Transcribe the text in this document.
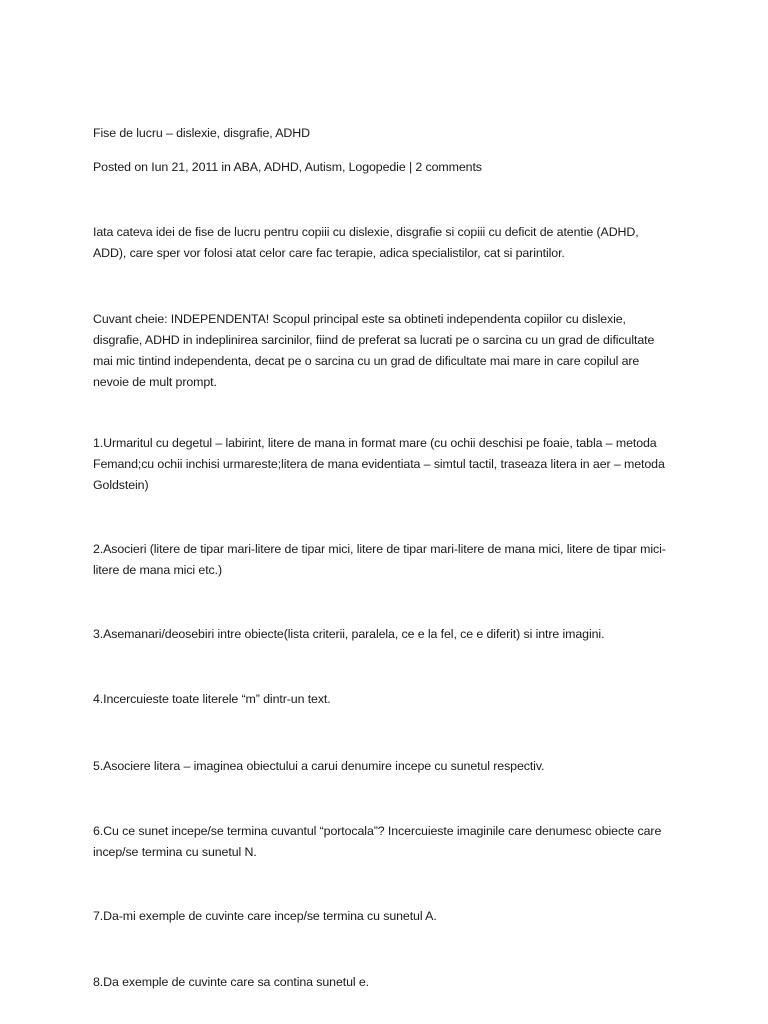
Fise de lucru – dislexie, disgrafie, ADHD

Posted on Iun 21, 2011 in ABA, ADHD, Autism, Logopedie | 2 comments

Iata cateva idei de fise de lucru pentru copiii cu dislexie, disgrafie si copiii cu deficit de atentie (ADHD, ADD), care sper vor folosi atat celor care fac terapie, adica specialistilor, cat si parintilor.

Cuvant cheie: INDEPENDENTA! Scopul principal este sa obtineti independenta copiilor cu dislexie, disgrafie, ADHD in indeplinirea sarcinilor, fiind de preferat sa lucrati pe o sarcina cu un grad de dificultate mai mic tintind independenta, decat pe o sarcina cu un grad de dificultate mai mare in care copilul are nevoie de mult prompt.

1.Urmaritul cu degetul – labirint, litere de mana in format mare (cu ochii deschisi pe foaie, tabla – metoda Femand;cu ochii inchisi urmareste;litera de mana evidentiata – simtul tactil, traseaza litera in aer – metoda Goldstein)

2.Asocieri (litere de tipar mari-litere de tipar mici, litere de tipar mari-litere de mana mici, litere de tipar mici-litere de mana mici etc.)

3.Asemanari/deosebiri intre obiecte(lista criterii, paralela, ce e la fel, ce e diferit) si intre imagini.

4.Incercuieste toate literele “m” dintr-un text.

5.Asociere litera – imaginea obiectului a carui denumire incepe cu sunetul respectiv.

6.Cu ce sunet incepe/se termina cuvantul “portocala”? Incercuieste imaginile care denumesc obiecte care incep/se termina cu sunetul N.

7.Da-mi exemple de cuvinte care incep/se termina cu sunetul A.

8.Da exemple de cuvinte care sa contina sunetul e.
